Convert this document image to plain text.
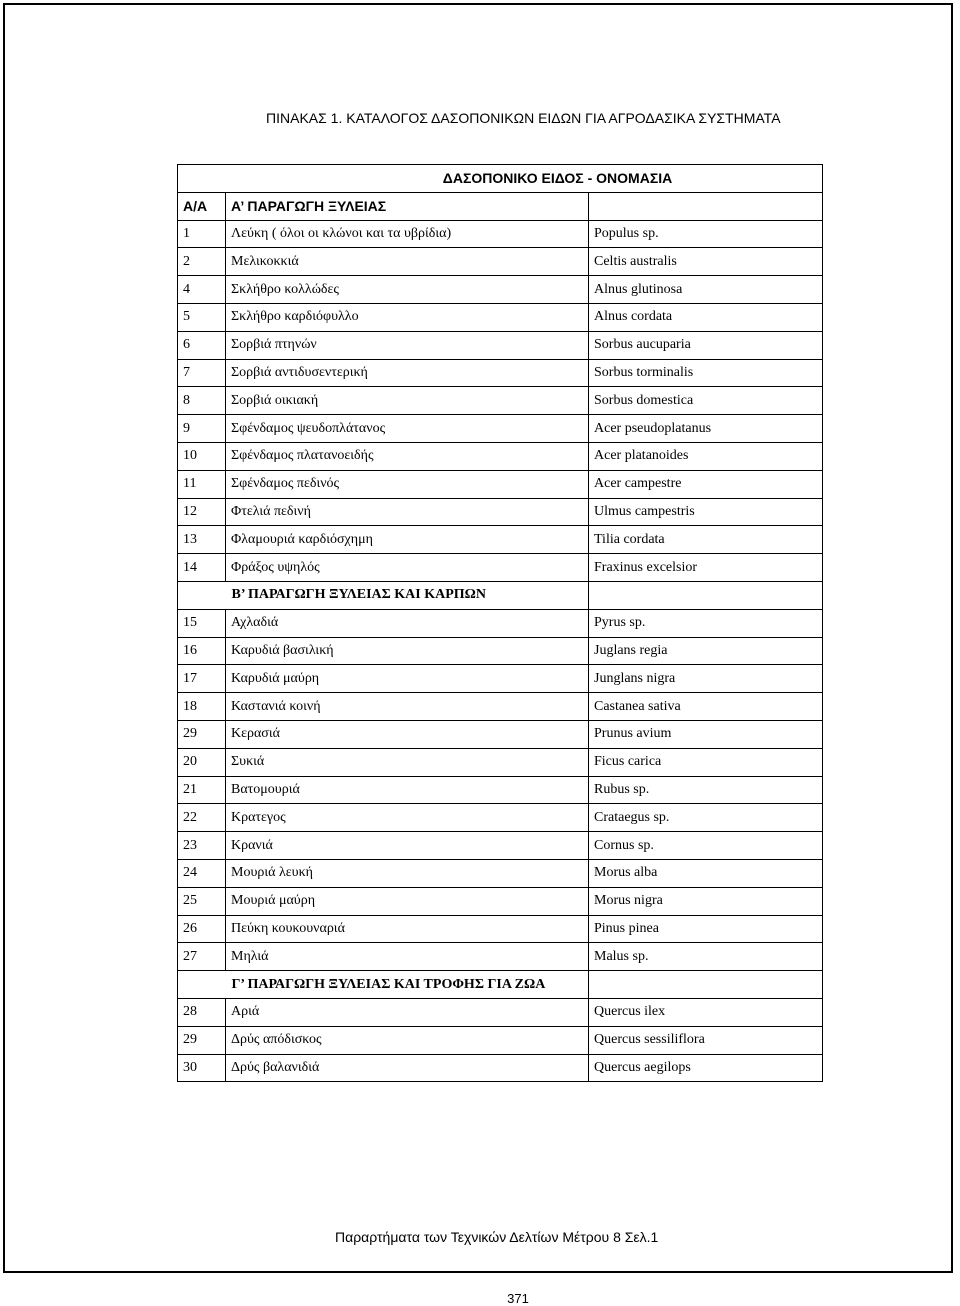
ΠΙΝΑΚΑΣ 1. ΚΑΤΑΛΟΓΟΣ ΔΑΣΟΠΟΝΙΚΩΝ ΕΙΔΩΝ ΓΙΑ ΑΓΡΟΔΑΣΙΚΑ ΣΥΣΤΗΜΑΤΑ
ΔΑΣΟΠΟΝΙΚΟ ΕΙΔΟΣ - ΟΝΟΜΑΣΙΑ		
Α/Α	Α’ ΠΑΡΑΓΩΓΗ ΞΥΛΕΙΑΣ	
1	Λεύκη ( όλοι οι κλώνοι και τα υβρίδια)	Populus sp.
2	Μελικοκκιά	Celtis australis
4	Σκλήθρο κολλώδες	Alnus glutinosa
5	Σκλήθρο καρδιόφυλλο	Alnus cordata
6	Σορβιά πτηνών	Sorbus aucuparia
7	Σορβιά αντιδυσεντερική	Sorbus torminalis
8	Σορβιά οικιακή	Sorbus domestica
9	Σφένδαμος ψευδοπλάτανος	Acer pseudoplatanus
10	Σφένδαμος πλατανοειδής	Acer platanoides
11	Σφένδαμος πεδινός	Acer campestre
12	Φτελιά πεδινή	Ulmus campestris
13	Φλαμουριά καρδιόσχημη	Tilia cordata
14	Φράξος υψηλός	Fraxinus excelsior
	Β’ ΠΑΡΑΓΩΓΗ ΞΥΛΕΙΑΣ ΚΑΙ ΚΑΡΠΩΝ	
15	Αχλαδιά	Pyrus sp.
16	Καρυδιά βασιλική	Juglans regia
17	Καρυδιά μαύρη	Junglans nigra
18	Καστανιά κοινή	Castanea sativa
29	Κερασιά	Prunus avium
20	Συκιά	Ficus carica
21	Βατομουριά	Rubus sp.
22	Κρατεγος	Crataegus sp.
23	Κρανιά	Cornus sp.
24	Μουριά λευκή	Morus alba
25	Μουριά μαύρη	Morus nigra
26	Πεύκη κουκουναριά	Pinus pinea
27	Μηλιά	Malus sp.
	Γ’ ΠΑΡΑΓΩΓΗ ΞΥΛΕΙΑΣ ΚΑΙ ΤΡΟΦΗΣ ΓΙΑ ΖΩΑ	
28	Αριά	Quercus ilex
29	Δρύς απόδισκος	Quercus sessiliflora
30	Δρύς βαλανιδιά	Quercus aegilops
Παραρτήματα των Τεχνικών Δελτίων Μέτρου 8 Σελ.1
371
